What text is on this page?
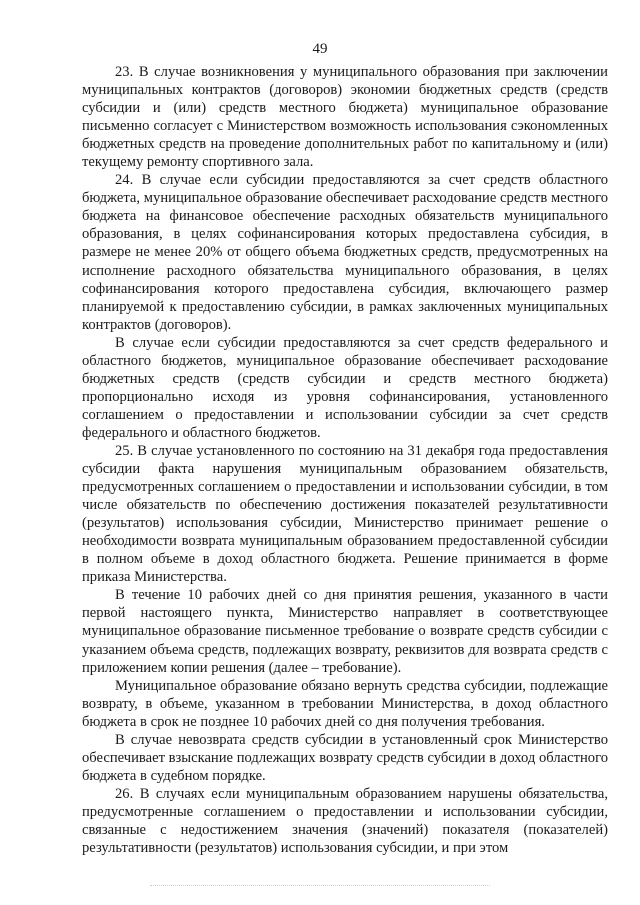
49

23. В случае возникновения у муниципального образования при заключении муниципальных контрактов (договоров) экономии бюджетных средств (средств субсидии и (или) средств местного бюджета) муниципальное образование письменно согласует с Министерством возможность использования сэкономленных бюджетных средств на проведение дополнительных работ по капитальному и (или) текущему ремонту спортивного зала.

24. В случае если субсидии предоставляются за счет средств областного бюджета, муниципальное образование обеспечивает расходование средств местного бюджета на финансовое обеспечение расходных обязательств муниципального образования, в целях софинансирования которых предоставлена субсидия, в размере не менее 20% от общего объема бюджетных средств, предусмотренных на исполнение расходного обязательства муниципального образования, в целях софинансирования которого предоставлена субсидия, включающего размер планируемой к предоставлению субсидии, в рамках заключенных муниципальных контрактов (договоров).

В случае если субсидии предоставляются за счет средств федерального и областного бюджетов, муниципальное образование обеспечивает расходование бюджетных средств (средств субсидии и средств местного бюджета) пропорционально исходя из уровня софинансирования, установленного соглашением о предоставлении и использовании субсидии за счет средств федерального и областного бюджетов.

25. В случае установленного по состоянию на 31 декабря года предоставления субсидии факта нарушения муниципальным образованием обязательств, предусмотренных соглашением о предоставлении и использовании субсидии, в том числе обязательств по обеспечению достижения показателей результативности (результатов) использования субсидии, Министерство принимает решение о необходимости возврата муниципальным образованием предоставленной субсидии в полном объеме в доход областного бюджета. Решение принимается в форме приказа Министерства.

В течение 10 рабочих дней со дня принятия решения, указанного в части первой настоящего пункта, Министерство направляет в соответствующее муниципальное образование письменное требование о возврате средств субсидии с указанием объема средств, подлежащих возврату, реквизитов для возврата средств с приложением копии решения (далее – требование).

Муниципальное образование обязано вернуть средства субсидии, подлежащие возврату, в объеме, указанном в требовании Министерства, в доход областного бюджета в срок не позднее 10 рабочих дней со дня получения требования.

В случае невозврата средств субсидии в установленный срок Министерство обеспечивает взыскание подлежащих возврату средств субсидии в доход областного бюджета в судебном порядке.

26. В случаях если муниципальным образованием нарушены обязательства, предусмотренные соглашением о предоставлении и использовании субсидии, связанные с недостижением значения (значений) показателя (показателей) результативности (результатов) использования субсидии, и при этом
